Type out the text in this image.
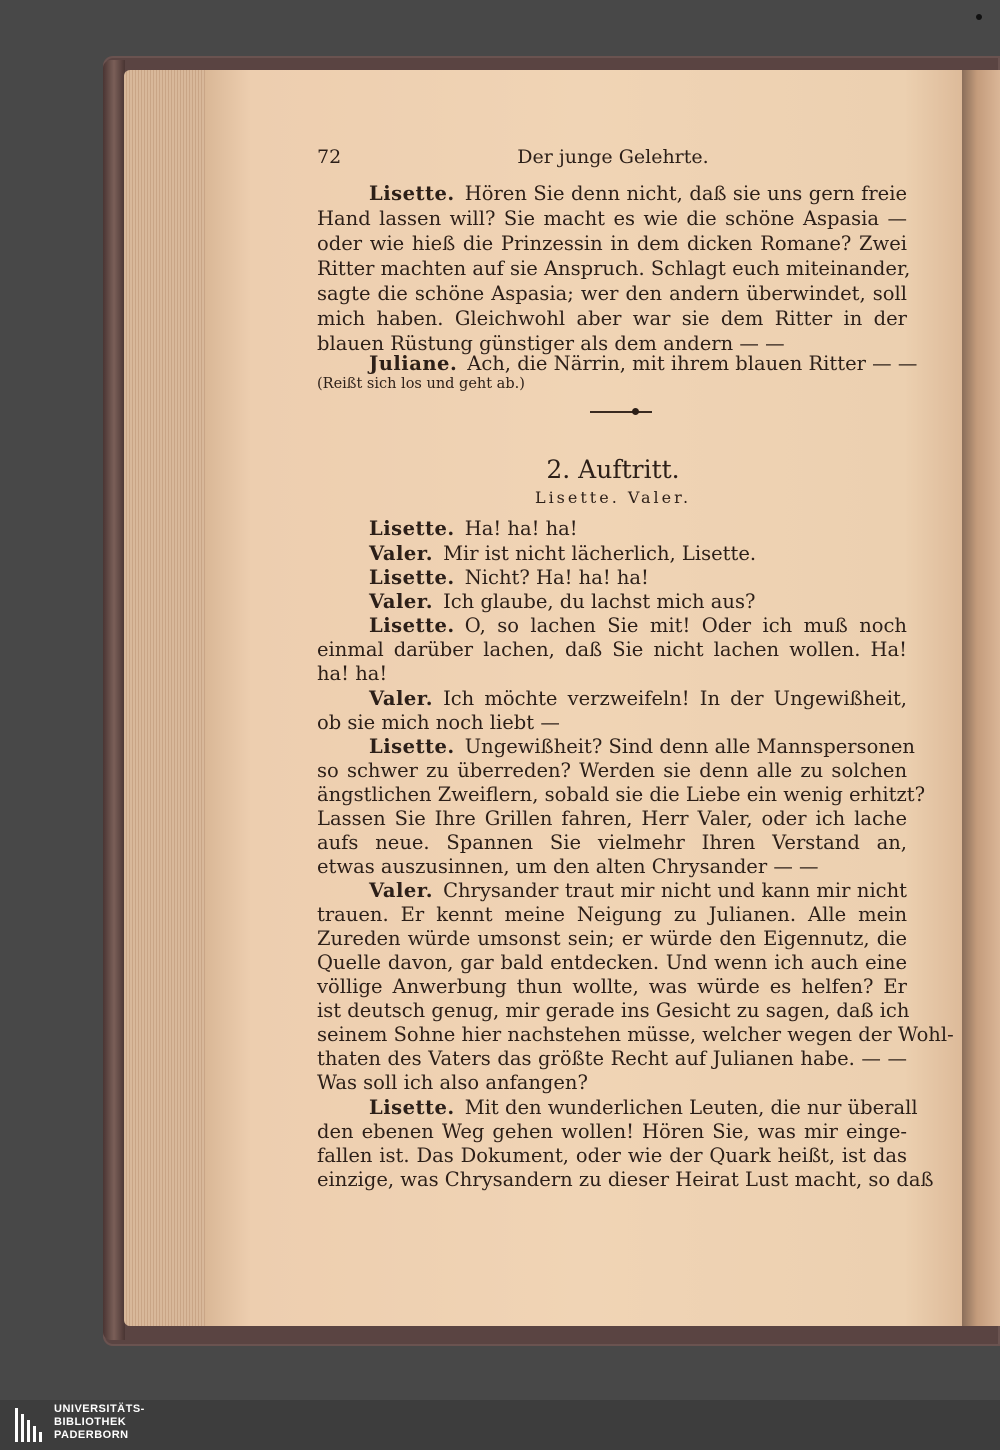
72	Der junge Gelehrte.
Lisette. Hören Sie denn nicht, daß sie uns gern freie
Hand lassen will? Sie macht es wie die schöne Aspasia —
oder wie hieß die Prinzessin in dem dicken Romane? Zwei
Ritter machten auf sie Anspruch. Schlagt euch miteinander,
sagte die schöne Aspasia; wer den andern überwindet, soll
mich haben. Gleichwohl aber war sie dem Ritter in der
blauen Rüstung günstiger als dem andern — —
Juliane. Ach, die Närrin, mit ihrem blauen Ritter — —
(Reißt sich los und geht ab.)
2. Auftritt.
Lisette. Valer.
Lisette. Ha! ha! ha!
Valer. Mir ist nicht lächerlich, Lisette.
Lisette. Nicht? Ha! ha! ha!
Valer. Ich glaube, du lachst mich aus?
Lisette. O, so lachen Sie mit! Oder ich muß noch
einmal darüber lachen, daß Sie nicht lachen wollen. Ha!
ha! ha!
Valer. Ich möchte verzweifeln! In der Ungewißheit,
ob sie mich noch liebt —
Lisette. Ungewißheit? Sind denn alle Mannspersonen
so schwer zu überreden? Werden sie denn alle zu solchen
ängstlichen Zweiflern, sobald sie die Liebe ein wenig erhitzt?
Lassen Sie Ihre Grillen fahren, Herr Valer, oder ich lache
aufs neue. Spannen Sie vielmehr Ihren Verstand an,
etwas auszusinnen, um den alten Chrysander — —
Valer. Chrysander traut mir nicht und kann mir nicht
trauen. Er kennt meine Neigung zu Julianen. Alle mein
Zureden würde umsonst sein; er würde den Eigennutz, die
Quelle davon, gar bald entdecken. Und wenn ich auch eine
völlige Anwerbung thun wollte, was würde es helfen? Er
ist deutsch genug, mir gerade ins Gesicht zu sagen, daß ich
seinem Sohne hier nachstehen müsse, welcher wegen der Wohl-
thaten des Vaters das größte Recht auf Julianen habe. — —
Was soll ich also anfangen?
Lisette. Mit den wunderlichen Leuten, die nur überall
den ebenen Weg gehen wollen! Hören Sie, was mir einge-
fallen ist. Das Dokument, oder wie der Quark heißt, ist das
einzige, was Chrysandern zu dieser Heirat Lust macht, so daß
UNIVERSITÄTS-
BIBLIOTHEK
PADERBORN
